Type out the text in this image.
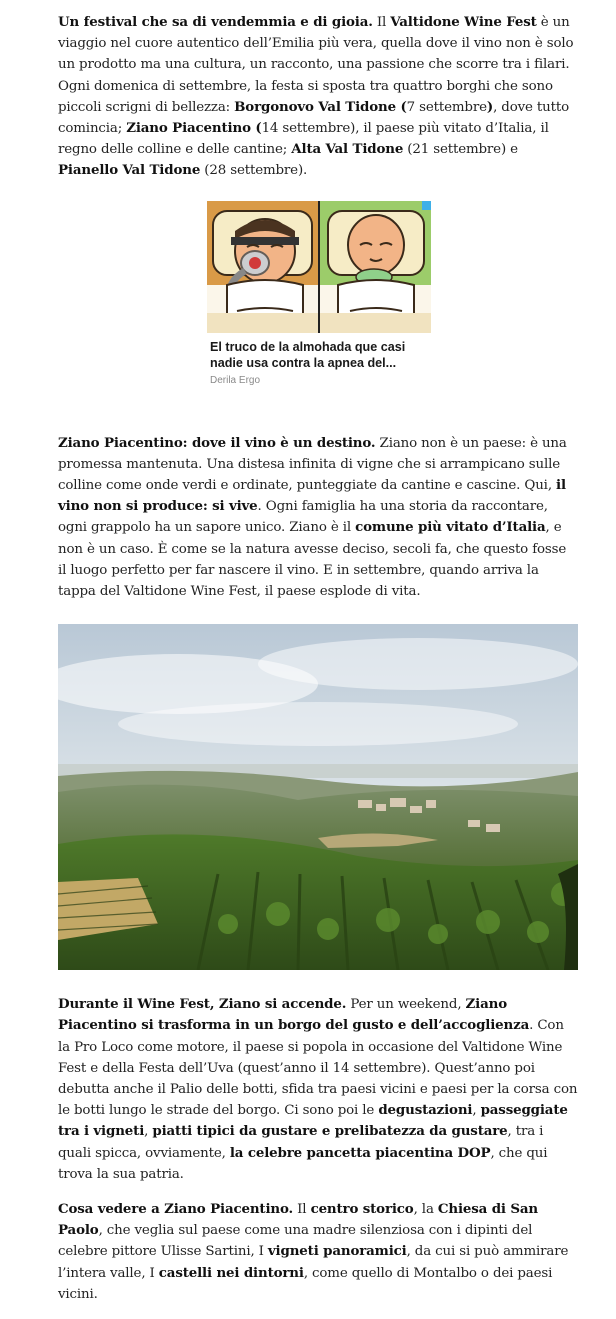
Un festival che sa di vendemmia e di gioia. Il Valtidone Wine Fest è un viaggio nel cuore autentico dell’Emilia più vera, quella dove il vino non è solo un prodotto ma una cultura, un racconto, una passione che scorre tra i filari. Ogni domenica di settembre, la festa si sposta tra quattro borghi che sono piccoli scrigni di bellezza: Borgonovo Val Tidone (7 settembre), dove tutto comincia; Ziano Piacentino (14 settembre), il paese più vitato d’Italia, il regno delle colline e delle cantine; Alta Val Tidone (21 settembre) e Pianello Val Tidone (28 settembre).

El truco de la almohada que casi nadie usa contra la apnea del...
Derila Ergo

Ziano Piacentino: dove il vino è un destino. Ziano non è un paese: è una promessa mantenuta. Una distesa infinita di vigne che si arrampicano sulle colline come onde verdi e ordinate, punteggiate da cantine e cascine. Qui, il vino non si produce: si vive. Ogni famiglia ha una storia da raccontare, ogni grappolo ha un sapore unico. Ziano è il comune più vitato d’Italia, e non è un caso. È come se la natura avesse deciso, secoli fa, che questo fosse il luogo perfetto per far nascere il vino. E in settembre, quando arriva la tappa del Valtidone Wine Fest, il paese esplode di vita.

Durante il Wine Fest, Ziano si accende. Per un weekend, Ziano Piacentino si trasforma in un borgo del gusto e dell’accoglienza. Con la Pro Loco come motore, il paese si popola in occasione del Valtidone Wine Fest e della Festa dell’Uva (quest’anno il 14 settembre). Quest’anno poi debutta anche il Palio delle botti, sfida tra paesi vicini e paesi per la corsa con le botti lungo le strade del borgo. Ci sono poi le degustazioni, passeggiate tra i vigneti, piatti tipici da gustare e prelibatezza da gustare, tra i quali spicca, ovviamente, la celebre pancetta piacentina DOP, che qui trova la sua patria.

Cosa vedere a Ziano Piacentino. Il centro storico, la Chiesa di San Paolo, che veglia sul paese come una madre silenziosa con i dipinti del celebre pittore Ulisse Sartini, I vigneti panoramici, da cui si può ammirare l’intera valle, I castelli nei dintorni, come quello di Montalbo o dei paesi vicini.
